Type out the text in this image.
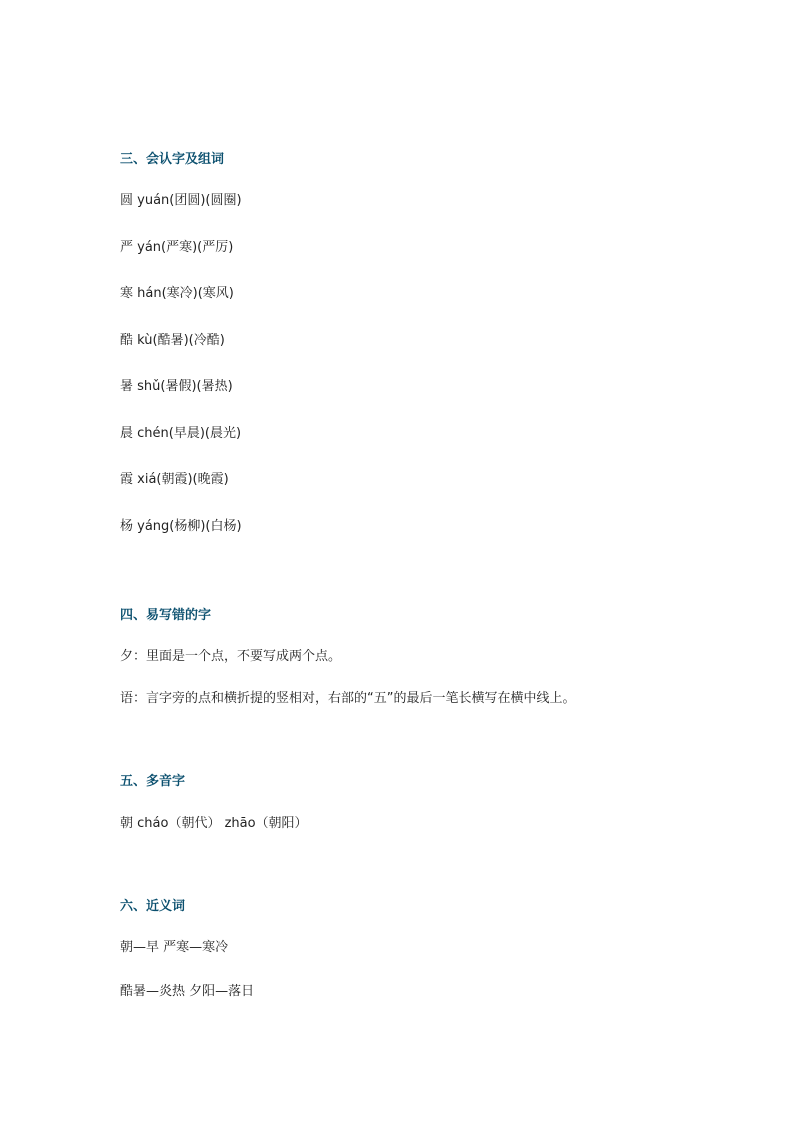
三、会认字及组词
圆 yuán(团圆)(圆圈)
严 yán(严寒)(严厉)
寒 hán(寒冷)(寒风)
酷 kù(酷暑)(冷酷)
暑 shǔ(暑假)(暑热)
晨 chén(早晨)(晨光)
霞 xiá(朝霞)(晚霞)
杨 yáng(杨柳)(白杨)
四、易写错的字
夕：里面是一个点，不要写成两个点。
语：言字旁的点和横折提的竖相对，右部的“五”的最后一笔长横写在横中线上。
五、多音字
朝 cháo（朝代） zhāo（朝阳）
六、近义词
朝—早 严寒—寒冷
酷暑—炎热 夕阳—落日
